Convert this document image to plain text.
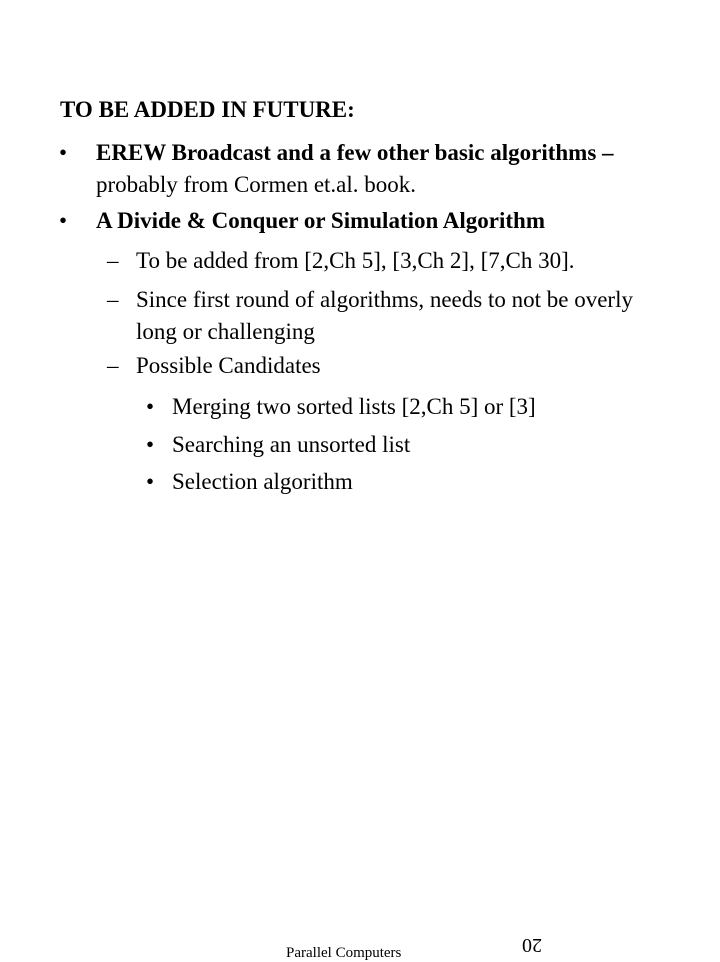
TO BE ADDED IN FUTURE:
• EREW Broadcast and a few other basic algorithms – probably from Cormen et.al. book.
• A Divide & Conquer or Simulation Algorithm
– To be added from [2,Ch 5], [3,Ch 2], [7,Ch 30].
– Since first round of algorithms, needs to not be overly long or challenging
– Possible Candidates
• Merging two sorted lists [2,Ch 5] or [3]
• Searching an unsorted list
• Selection algorithm
Parallel Computers	20
